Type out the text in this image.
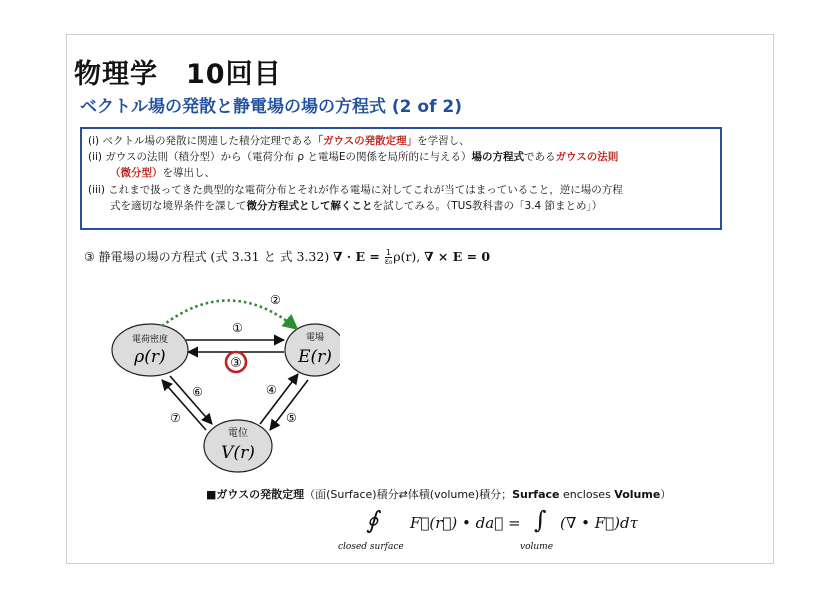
物理学 10回目
ベクトル場の発散と静電場の場の方程式 (2 of 2)
(i) ベクトル場の発散に関連した積分定理である「ガウスの発散定理」を学習し、
(ii) ガウスの法則（積分型）から（電荷分布 ρ と電場Eの関係を局所的に与える）場の方程式であるガウスの法則
（微分型）を導出し、
(iii) これまで扱ってきた典型的な電荷分布とそれが作る電場に対してこれが当てはまっていること，逆に場の方程
式を適切な境界条件を課して微分方程式として解くことを試してみる。（TUS教科書の「3.4 節まとめ」）
③ 静電場の場の方程式 (式 3.31 と 式 3.32) ∇ · $E = \frac{1}{\text{ε₀}} \rho(r)$, ∇ × E = 0
電荷密度
ρ(r)
電場
E(r)
電位
V(r)
②
①
③
⑥
⑦
④
⑤
■ガウスの発散定理（面(Surface)積分⇄体積(volume)積分；Surface encloses Volume）
∮ F⃗(r⃗) • da⃗ = ∫ (∇ • F⃗)dτ
closed surface	volume
